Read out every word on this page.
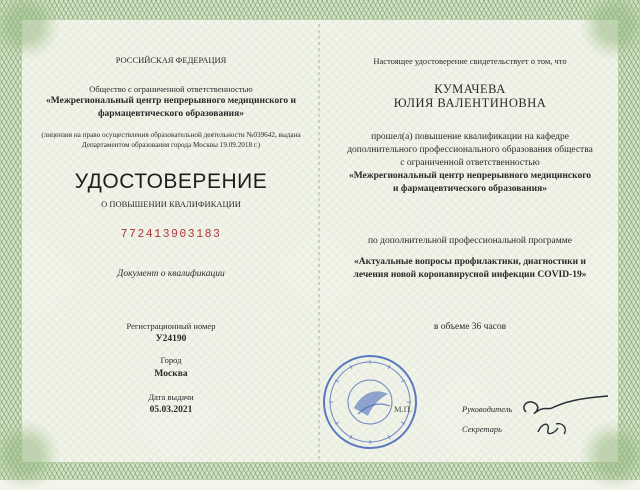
РОССИЙСКАЯ ФЕДЕРАЦИЯ
Общество с ограниченной ответственностью
«Межрегиональный центр непрерывного медицинского и
фармацевтического образования»
(лицензия на право осуществления образовательной деятельности №039642, выдана
Департаментом образования города Москвы 19.09.2018 г.)
УДОСТОВЕРЕНИЕ
О ПОВЫШЕНИИ КВАЛИФИКАЦИИ
772413903183
Документ о квалификации
Регистрационный номер
У24190
Город
Москва
Дата выдачи
05.03.2021
Настоящее удостоверение свидетельствует о том, что
КУМАЧЕВА
ЮЛИЯ ВАЛЕНТИНОВНА
прошел(а) повышение квалификации на кафедре
дополнительного профессионального образования общества
с ограниченной ответственностью
«Межрегиональный центр непрерывного медицинского
и фармацевтического образования»
по дополнительной профессиональной программе
«Актуальные вопросы профилактики, диагностики и
лечения новой коронавирусной инфекции COVID-19»
в объеме 36 часов
М.П.	Руководитель
Секретарь
